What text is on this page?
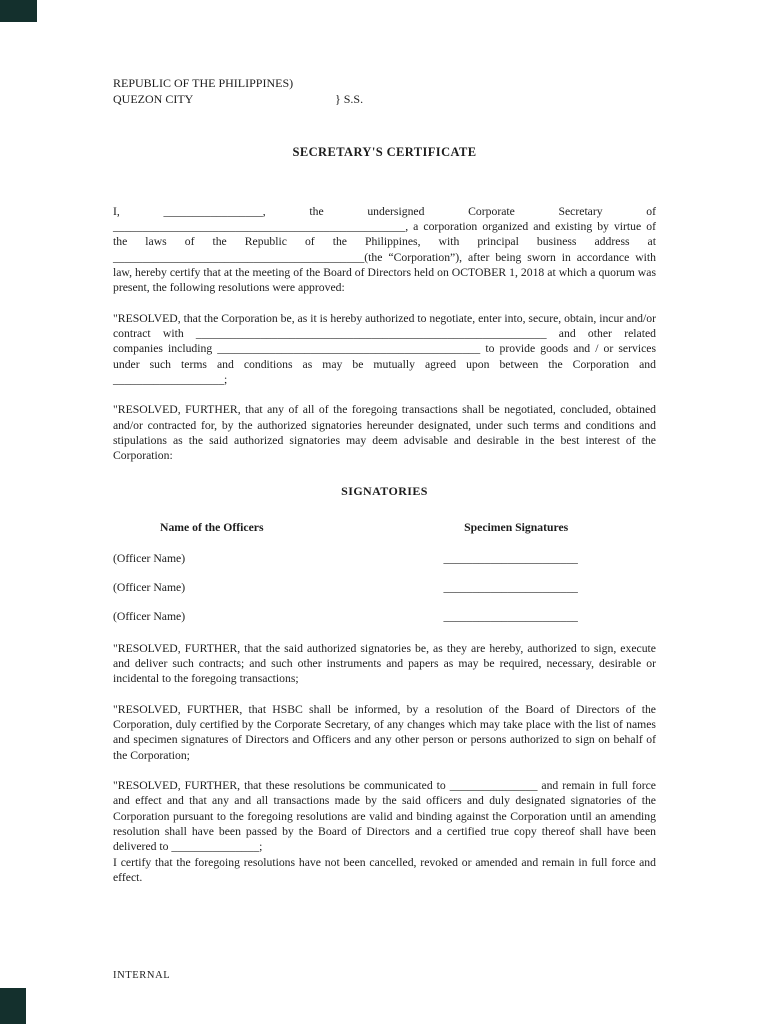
REPUBLIC OF THE PHILIPPINES)
QUEZON CITY	} S.S.
SECRETARY'S CERTIFICATE

I, _________________, the undersigned Corporate Secretary of __________________________________________________, a corporation organized and existing by virtue of the laws of the Republic of the Philippines, with principal business address at ___________________________________________(the “Corporation”), after being sworn in accordance with law, hereby certify that at the meeting of the Board of Directors held on OCTOBER 1, 2018 at which a quorum was present, the following resolutions were approved:

"RESOLVED, that the Corporation be, as it is hereby authorized to negotiate, enter into, secure, obtain, incur and/or contract with ____________________________________________________________ and other related companies including _____________________________________________ to provide goods and / or services under such terms and conditions as may be mutually agreed upon between the Corporation and ___________________;

"RESOLVED, FURTHER, that any of all of the foregoing transactions shall be negotiated, concluded, obtained and/or contracted for, by the authorized signatories hereunder designated, under such terms and conditions and stipulations as the said authorized signatories may deem advisable and desirable in the best interest of the Corporation:

SIGNATORIES
Name of the Officers	Specimen Signatures
(Officer Name)	_______________________
(Officer Name)	_______________________
(Officer Name)	_______________________

"RESOLVED, FURTHER, that the said authorized signatories be, as they are hereby, authorized to sign, execute and deliver such contracts; and such other instruments and papers as may be required, necessary, desirable or incidental to the foregoing transactions;

"RESOLVED, FURTHER, that HSBC shall be informed, by a resolution of the Board of Directors of the Corporation, duly certified by the Corporate Secretary, of any changes which may take place with the list of names and specimen signatures of Directors and Officers and any other person or persons authorized to sign on behalf of the Corporation;

"RESOLVED, FURTHER, that these resolutions be communicated to _______________ and remain in full force and effect and that any and all transactions made by the said officers and duly designated signatories of the Corporation pursuant to the foregoing resolutions are valid and binding against the Corporation until an amending resolution shall have been passed by the Board of Directors and a certified true copy thereof shall have been delivered to _______________;

I certify that the foregoing resolutions have not been cancelled, revoked or amended and remain in full force and effect.

INTERNAL
